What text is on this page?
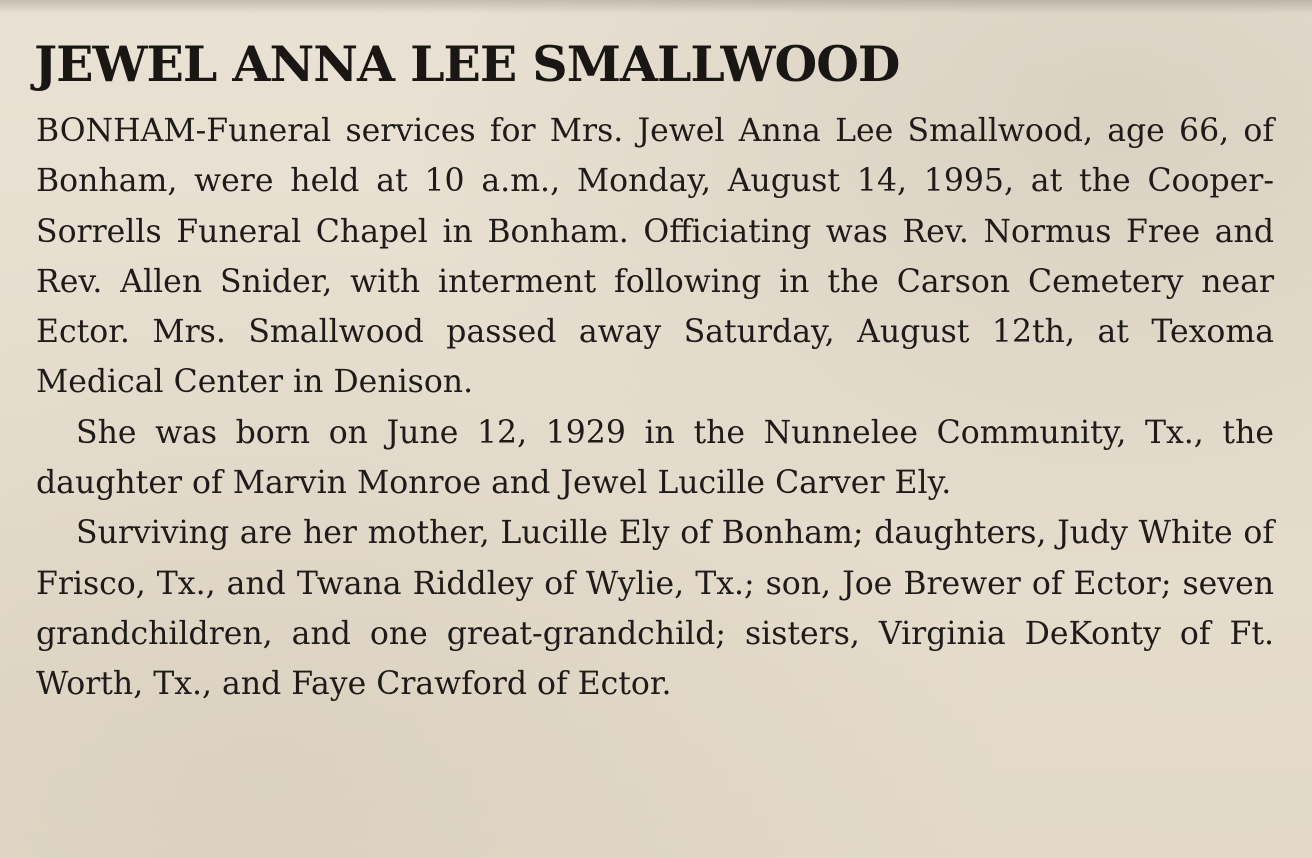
JEWEL ANNA LEE SMALLWOOD

BONHAM-Funeral services for Mrs. Jewel Anna Lee Smallwood, age 66, of Bonham, were held at 10 a.m., Monday, August 14, 1995, at the Cooper-Sorrells Funeral Chapel in Bonham. Officiating was Rev. Normus Free and Rev. Allen Snider, with interment following in the Carson Cemetery near Ector. Mrs. Smallwood passed away Saturday, August 12th, at Texoma Medical Center in Denison.

She was born on June 12, 1929 in the Nunnelee Community, Tx., the daughter of Marvin Monroe and Jewel Lucille Carver Ely.

Surviving are her mother, Lucille Ely of Bonham; daughters, Judy White of Frisco, Tx., and Twana Riddley of Wylie, Tx.; son, Joe Brewer of Ector; seven grandchildren, and one great-grandchild; sisters, Virginia DeKonty of Ft. Worth, Tx., and Faye Crawford of Ector.
